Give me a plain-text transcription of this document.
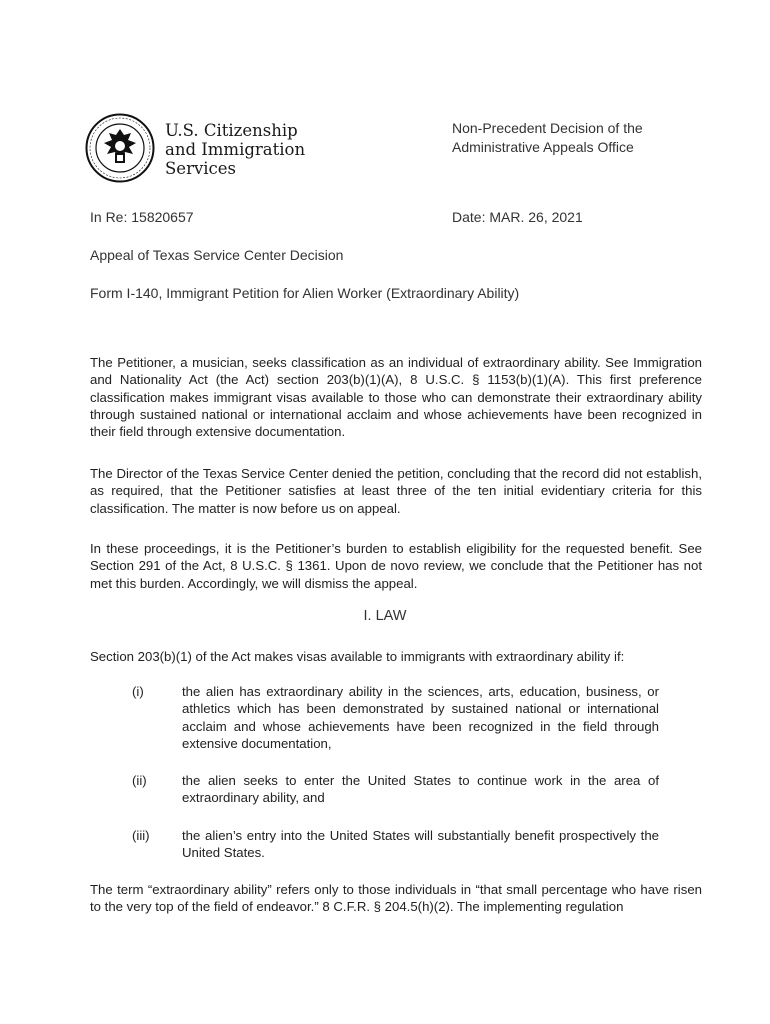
U.S. Citizenship
and Immigration
Services
Non-Precedent Decision of the
Administrative Appeals Office
In Re: 15820657	Date: MAR. 26, 2021
Appeal of Texas Service Center Decision
Form I-140, Immigrant Petition for Alien Worker (Extraordinary Ability)

The Petitioner, a musician, seeks classification as an individual of extraordinary ability. See Immigration and Nationality Act (the Act) section 203(b)(1)(A), 8 U.S.C. § 1153(b)(1)(A). This first preference classification makes immigrant visas available to those who can demonstrate their extraordinary ability through sustained national or international acclaim and whose achievements have been recognized in their field through extensive documentation.

The Director of the Texas Service Center denied the petition, concluding that the record did not establish, as required, that the Petitioner satisfies at least three of the ten initial evidentiary criteria for this classification. The matter is now before us on appeal.

In these proceedings, it is the Petitioner’s burden to establish eligibility for the requested benefit. See Section 291 of the Act, 8 U.S.C. § 1361. Upon de novo review, we conclude that the Petitioner has not met this burden. Accordingly, we will dismiss the appeal.

I. LAW

Section 203(b)(1) of the Act makes visas available to immigrants with extraordinary ability if:

(i)	the alien has extraordinary ability in the sciences, arts, education, business, or athletics which has been demonstrated by sustained national or international acclaim and whose achievements have been recognized in the field through extensive documentation,
(ii)	the alien seeks to enter the United States to continue work in the area of extraordinary ability, and
(iii) the alien’s entry into the United States will substantially benefit prospectively the United States.

The term “extraordinary ability” refers only to those individuals in “that small percentage who have risen to the very top of the field of endeavor.” 8 C.F.R. § 204.5(h)(2). The implementing regulation
